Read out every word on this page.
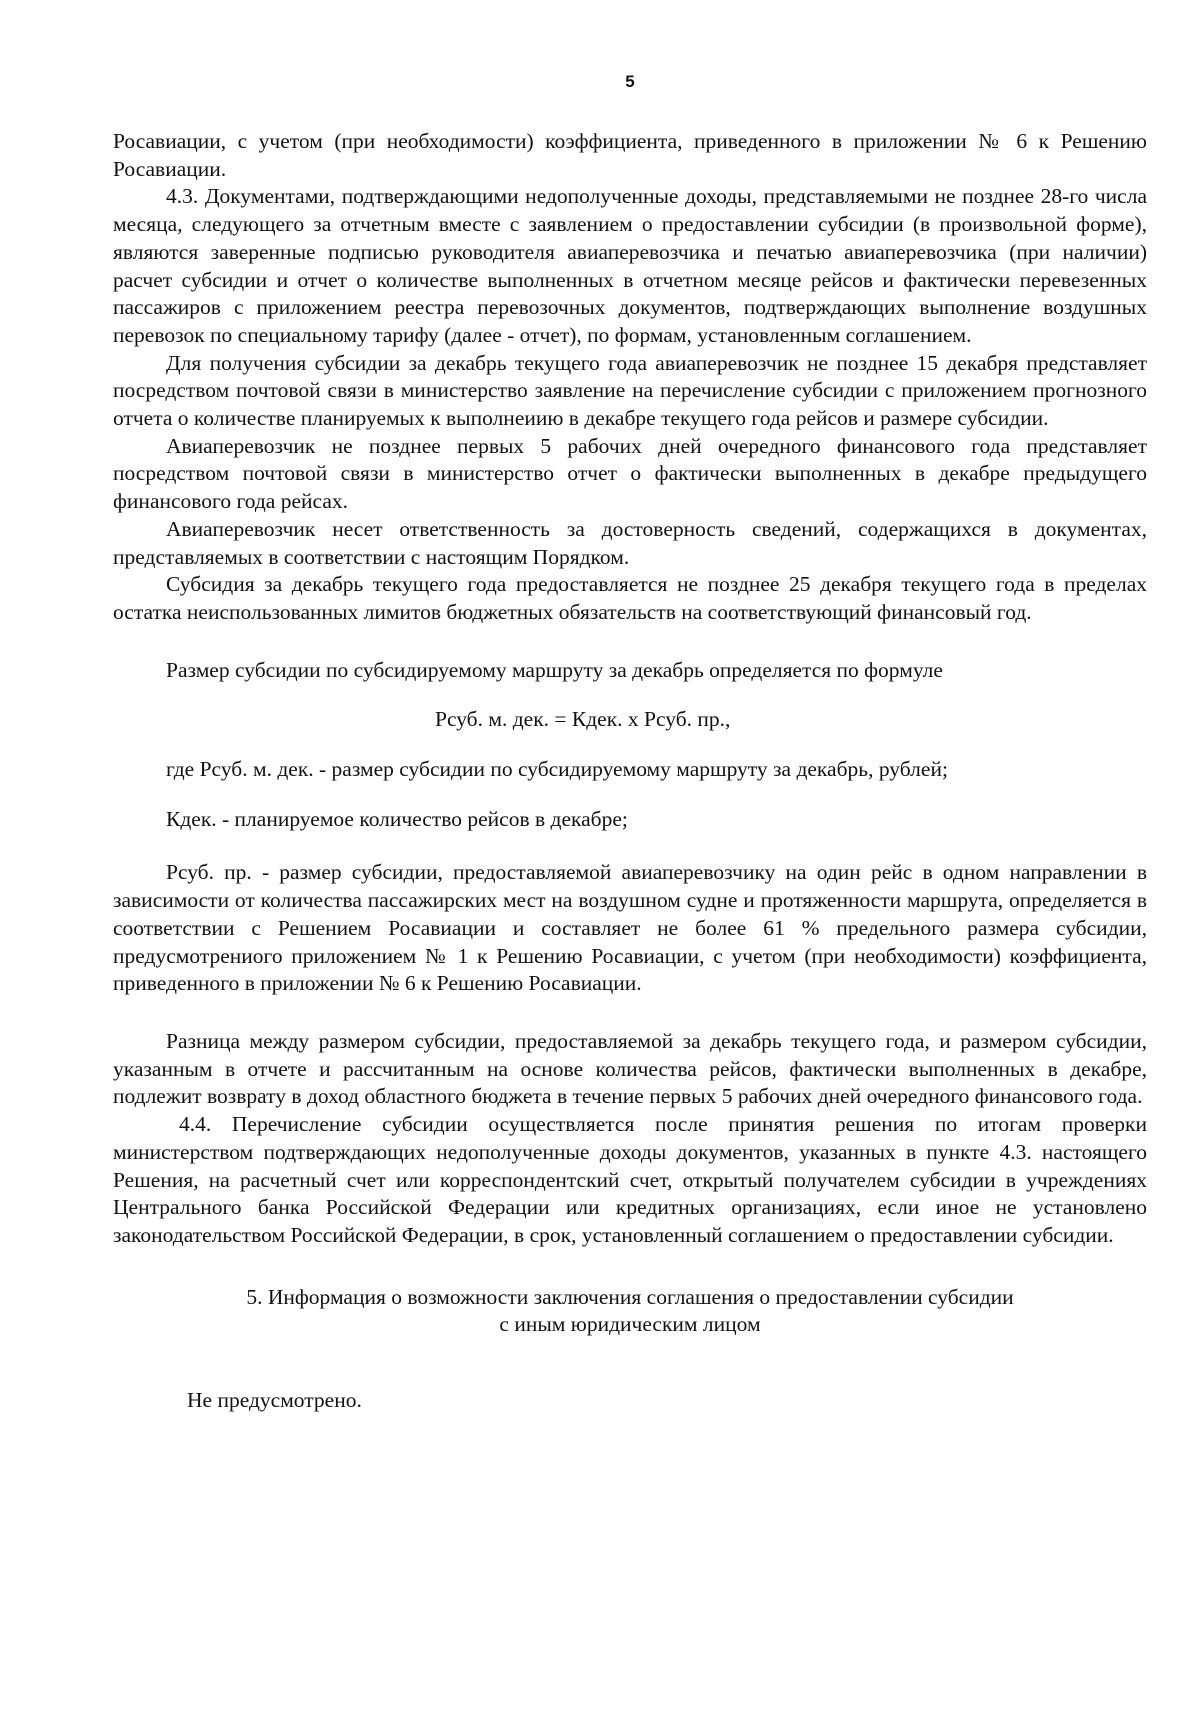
5

Росавиации, с учетом (при необходимости) коэффициента, приведенного в приложении № 6 к Решению Росавиации.

4.3. Документами, подтверждающими недополученные доходы, представляемыми не позднее 28-го числа месяца, следующего за отчетным вместе с заявлением о предоставлении субсидии (в произвольной форме), являются заверенные подписью руководителя авиаперевозчика и печатью авиаперевозчика (при наличии) расчет субсидии и отчет о количестве выполненных в отчетном месяце рейсов и фактически перевезенных пассажиров с приложением реестра перевозочных документов, подтверждающих выполнение воздушных перевозок по специальному тарифу (далее - отчет), по формам, установленным соглашением.

Для получения субсидии за декабрь текущего года авиаперевозчик не позднее 15 декабря представляет посредством почтовой связи в министерство заявление на перечисление субсидии с приложением прогнозного отчета о количестве планируемых к выполнеиию в декабре текущего года рейсов и размере субсидии.

Авиаперевозчик не позднее первых 5 рабочих дней очередного финансового года представляет посредством почтовой связи в министерство отчет о фактически выполненных в декабре предыдущего финансового года рейсах.

Авиаперевозчик несет ответственность за достоверность сведений, содержащихся в документах, представляемых в соответствии с настоящим Порядком.

Субсидия за декабрь текущего года предоставляется не позднее 25 декабря текущего года в пределах остатка неиспользованных лимитов бюджетных обязательств на соответствующий финансовый год.

Размер субсидии по субсидируемому маршруту за декабрь определяется по формуле

Рсуб. м. дек. = Кдек. х Рсуб. пр.,

где Рсуб. м. дек. - размер субсидии по субсидируемому маршруту за декабрь, рублей;

Кдек. - планируемое количество рейсов в декабре;

Рсуб. пр. - размер субсидии, предоставляемой авиаперевозчику на один рейс в одном направлении в зависимости от количества пассажирских мест на воздушном судне и протяженности маршрута, определяется в соответствии с Решением Росавиации и составляет не более 61 % предельного размера субсидии, предусмотрениого приложением № 1 к Решению Росавиации, с учетом (при необходимости) коэффициента, приведенного в приложении № 6 к Решению Росавиации.

Разница между размером субсидии, предоставляемой за декабрь текущего года, и размером субсидии, указанным в отчете и рассчитанным на основе количества рейсов, фактически выполненных в декабре, подлежит возврату в доход областного бюджета в течение первых 5 рабочих дней очередного финансового года.

4.4. Перечисление субсидии осуществляется после принятия решения по итогам проверки министерством подтверждающих недополученные доходы документов, указанных в пункте 4.3. настоящего Решения, на расчетный счет или корреспондентский счет, открытый получателем субсидии в учреждениях Центрального банка Российской Федерации или кредитных организациях, если иное не установлено законодательством Российской Федерации, в срок, установленный соглашением о предоставлении субсидии.

5. Информация о возможности заключения соглашения о предоставлении субсидии
с иным юридическим лицом

Не предусмотрено.
